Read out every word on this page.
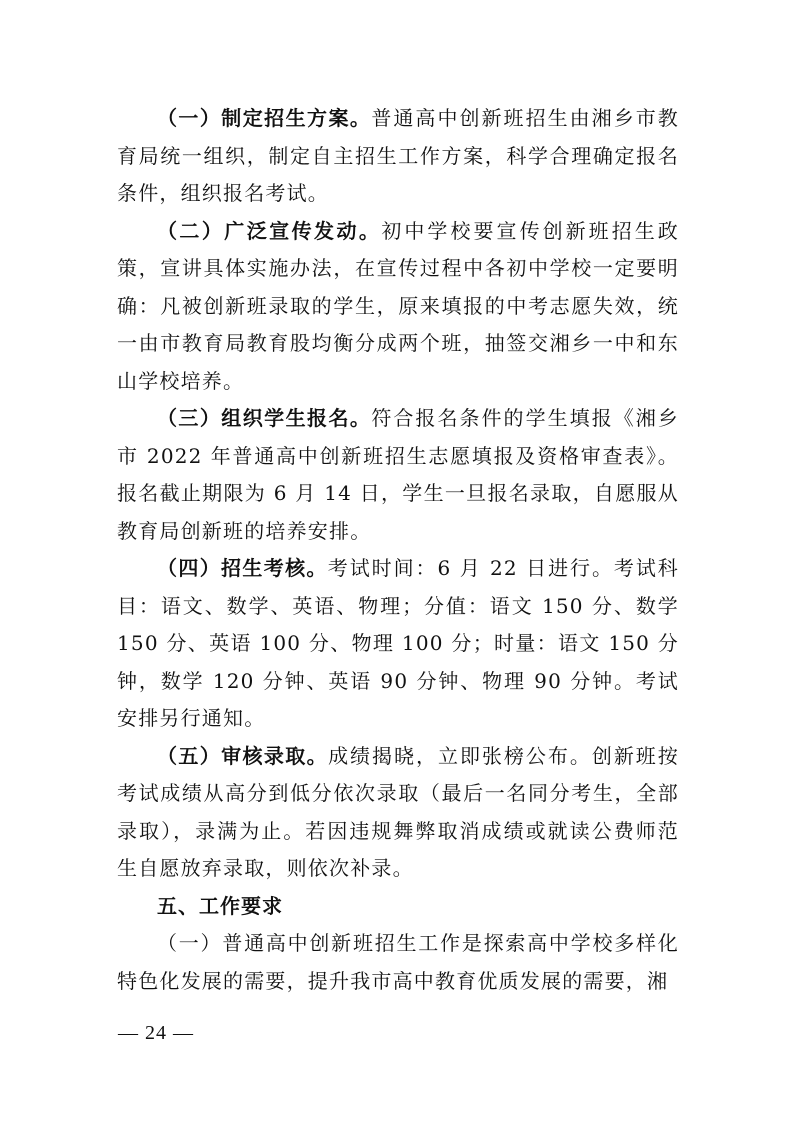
（一）制定招生方案。普通高中创新班招生由湘乡市教育局统一组织，制定自主招生工作方案，科学合理确定报名条件，组织报名考试。

（二）广泛宣传发动。初中学校要宣传创新班招生政策，宣讲具体实施办法，在宣传过程中各初中学校一定要明确：凡被创新班录取的学生，原来填报的中考志愿失效，统一由市教育局教育股均衡分成两个班，抽签交湘乡一中和东山学校培养。

（三）组织学生报名。符合报名条件的学生填报《湘乡市 2022 年普通高中创新班招生志愿填报及资格审查表》。报名截止期限为 6 月 14 日，学生一旦报名录取，自愿服从教育局创新班的培养安排。

（四）招生考核。考试时间：6 月 22 日进行。考试科目：语文、数学、英语、物理；分值：语文 150 分、数学 150 分、英语 100 分、物理 100 分；时量：语文 150 分钟，数学 120 分钟、英语 90 分钟、物理 90 分钟。考试安排另行通知。

（五）审核录取。成绩揭晓，立即张榜公布。创新班按考试成绩从高分到低分依次录取（最后一名同分考生，全部录取），录满为止。若因违规舞弊取消成绩或就读公费师范生自愿放弃录取，则依次补录。

五、工作要求

（一）普通高中创新班招生工作是探索高中学校多样化特色化发展的需要，提升我市高中教育优质发展的需要，湘

— 24 —
